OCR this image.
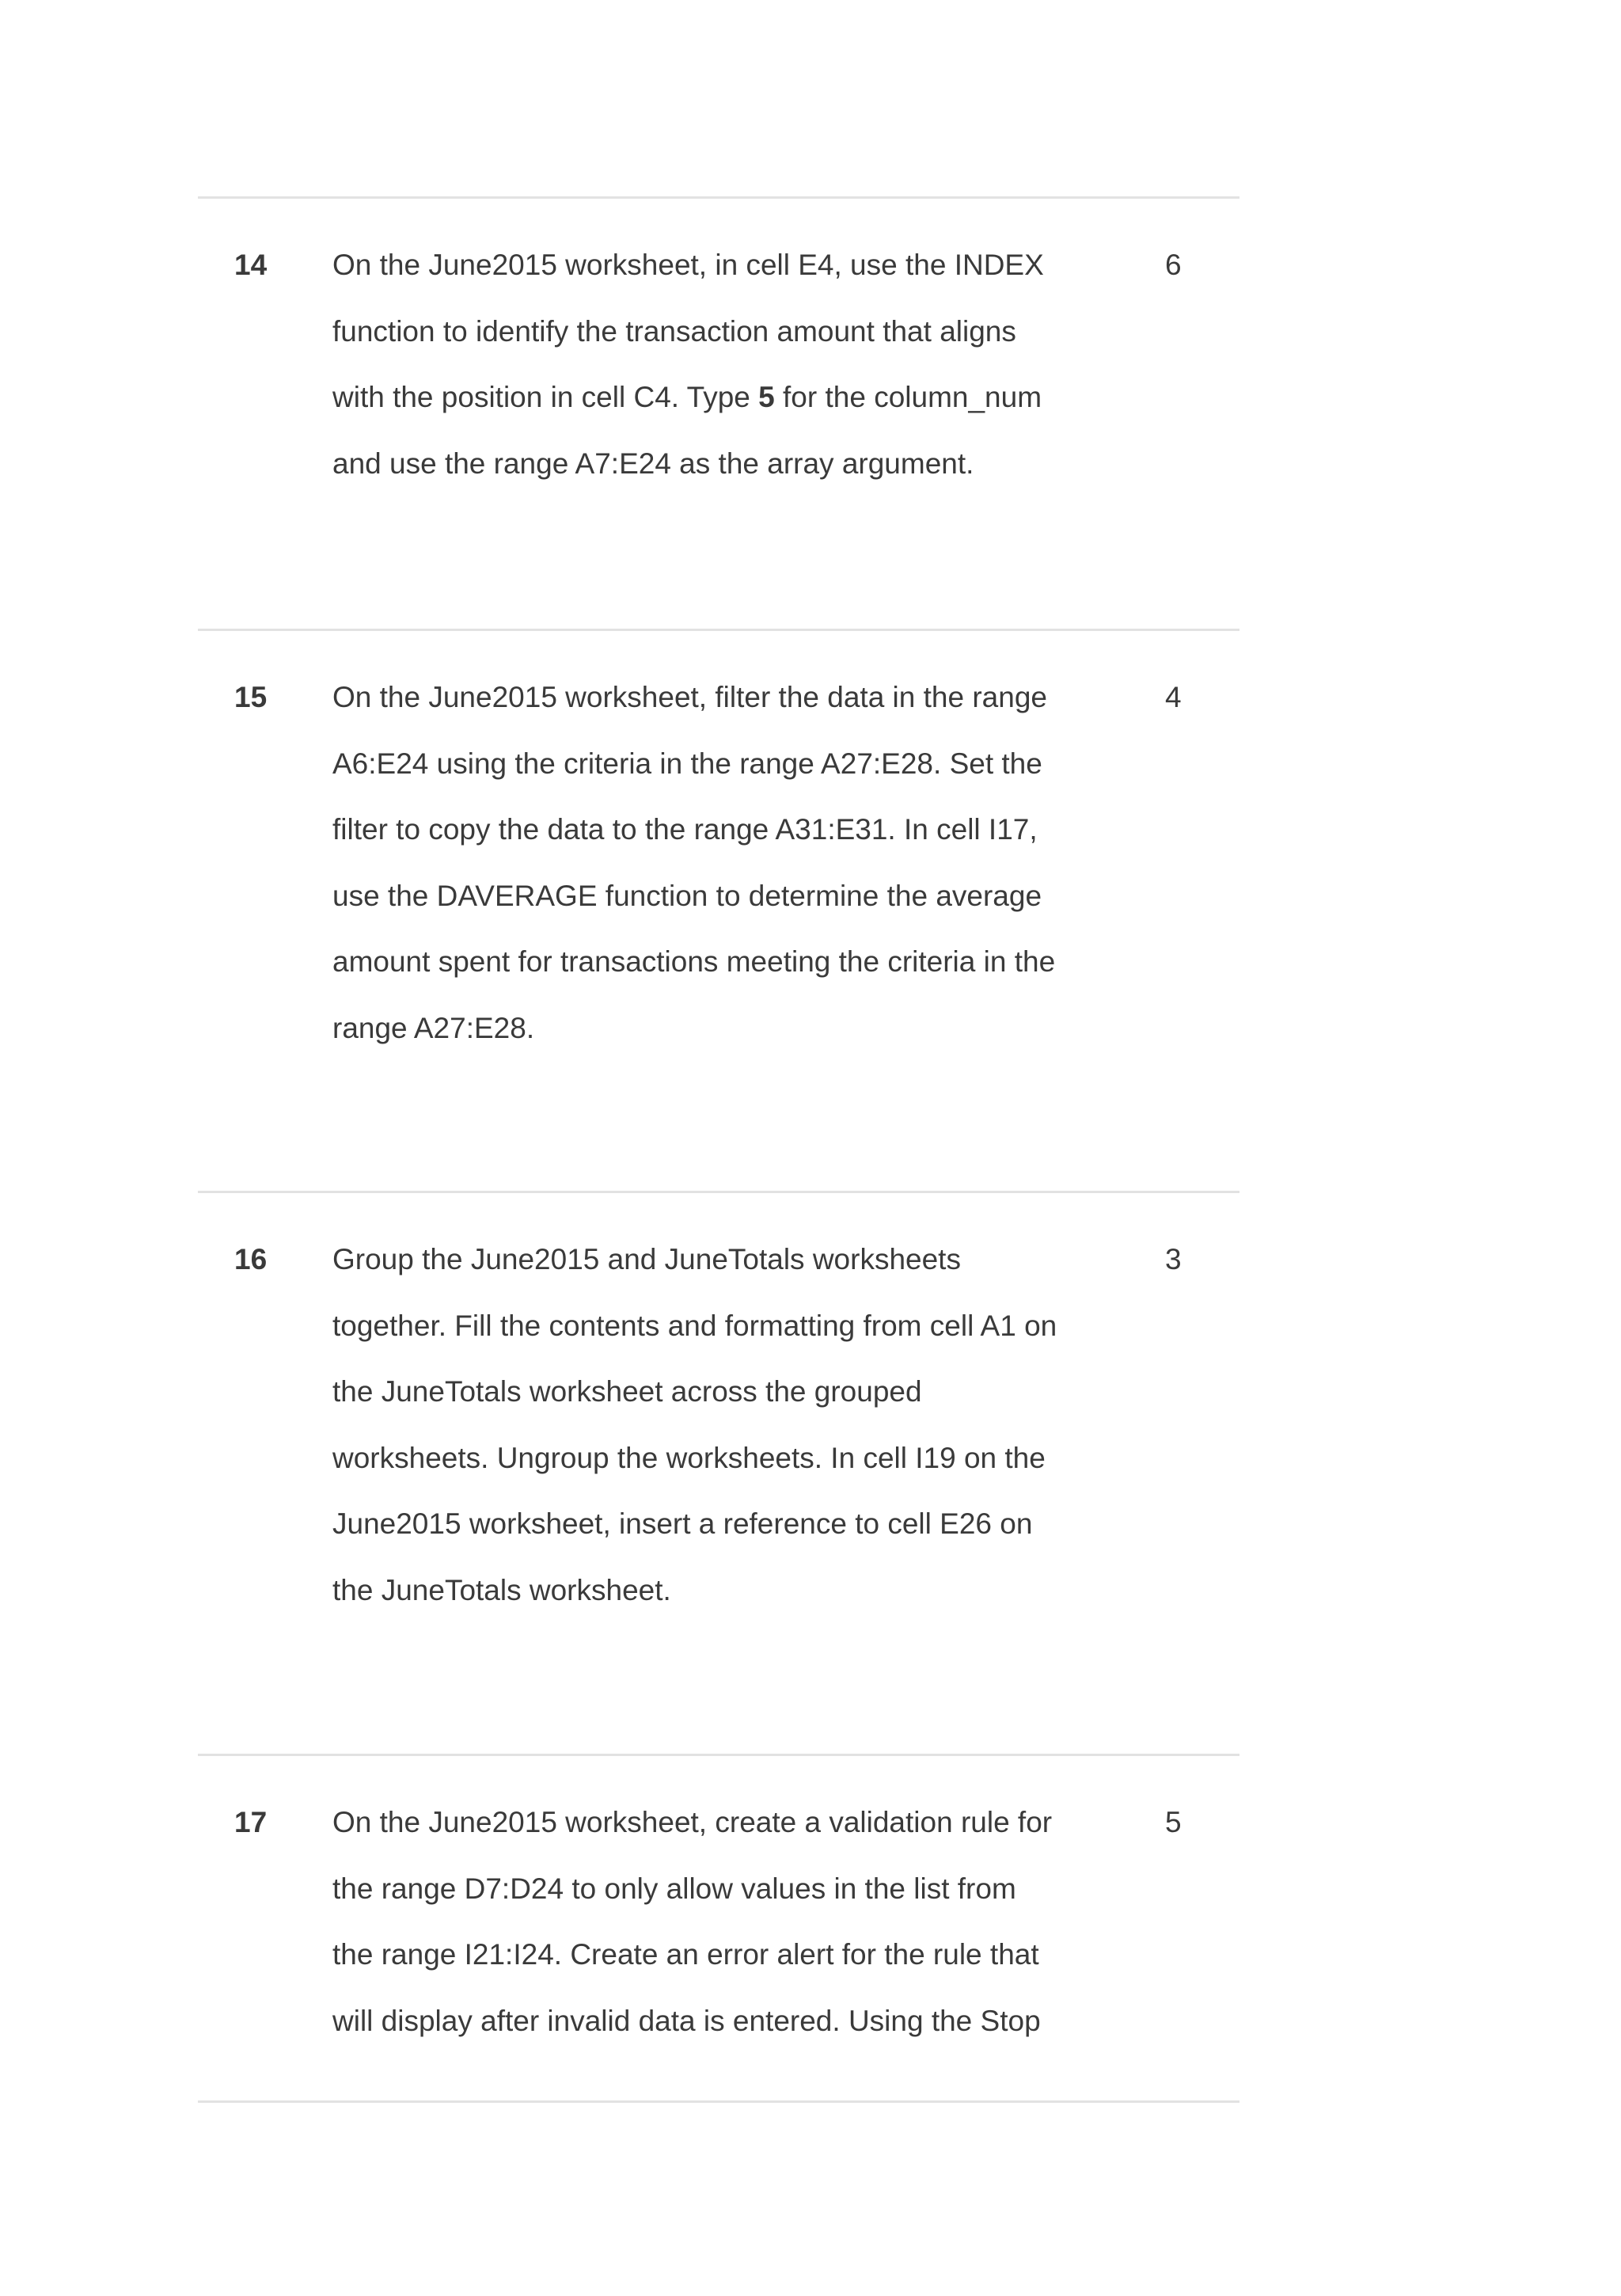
14 On the June2015 worksheet, in cell E4, use the INDEX
function to identify the transaction amount that aligns
with the position in cell C4. Type 5 for the column_num
and use the range A7:E24 as the array argument.
6
15 On the June2015 worksheet, filter the data in the range
A6:E24 using the criteria in the range A27:E28. Set the
filter to copy the data to the range A31:E31. In cell I17,
use the DAVERAGE function to determine the average
amount spent for transactions meeting the criteria in the
range A27:E28.
4
16 Group the June2015 and JuneTotals worksheets
together. Fill the contents and formatting from cell A1 on
the JuneTotals worksheet across the grouped
worksheets. Ungroup the worksheets. In cell I19 on the
June2015 worksheet, insert a reference to cell E26 on
the JuneTotals worksheet.
3
17 On the June2015 worksheet, create a validation rule for
the range D7:D24 to only allow values in the list from
the range I21:I24. Create an error alert for the rule that
will display after invalid data is entered. Using the Stop
5
